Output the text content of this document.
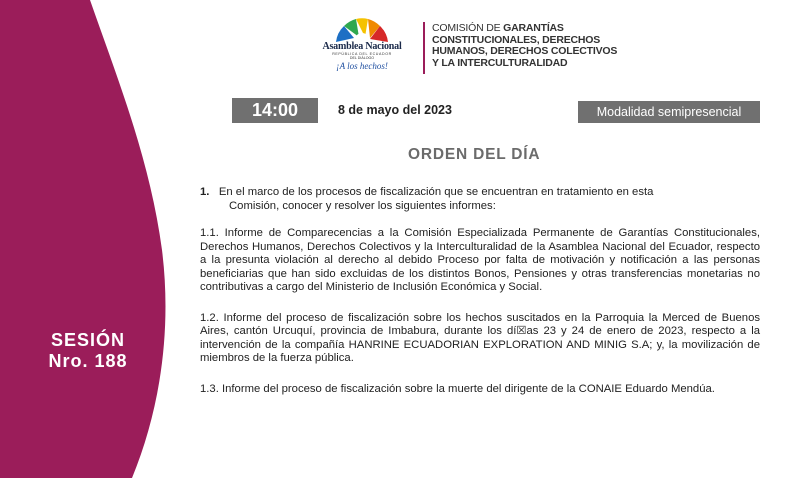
SESIÓN
Nro. 188
Asamblea Nacional
REPÚBLICA DEL ECUADOR
DEL DIÁLOGO
¡A los hechos!
COMISIÓN DE GARANTÍAS
CONSTITUCIONALES, DERECHOS
HUMANOS, DERECHOS COLECTIVOS
Y LA INTERCULTURALIDAD
14:00	8 de mayo del 2023	Modalidad semipresencial
ORDEN DEL DÍA
1. En el marco de los procesos de fiscalización que se encuentran en tratamiento en esta
Comisión, conocer y resolver los siguientes informes:
1.1. Informe de Comparecencias a la Comisión Especializada Permanente de Garantías Constitucionales, Derechos Humanos, Derechos Colectivos y la Interculturalidad de la Asamblea Nacional del Ecuador, respecto a la presunta violación al derecho al debido Proceso por falta de motivación y notificación a las personas beneficiarias que han sido excluidas de los distintos Bonos, Pensiones y otras transferencias monetarias no contributivas a cargo del Ministerio de Inclusión Económica y Social.
1.2. Informe del proceso de fiscalización sobre los hechos suscitados en la Parroquia la Merced de Buenos Aires, cantón Urcuquí, provincia de Imbabura, durante los dí☒as 23 y 24 de enero de 2023, respecto a la intervención de la compañía HANRINE ECUADORIAN EXPLORATION AND MINIG S.A; y, la movilización de miembros de la fuerza pública.
1.3. Informe del proceso de fiscalización sobre la muerte del dirigente de la CONAIE Eduardo Mendúa.
